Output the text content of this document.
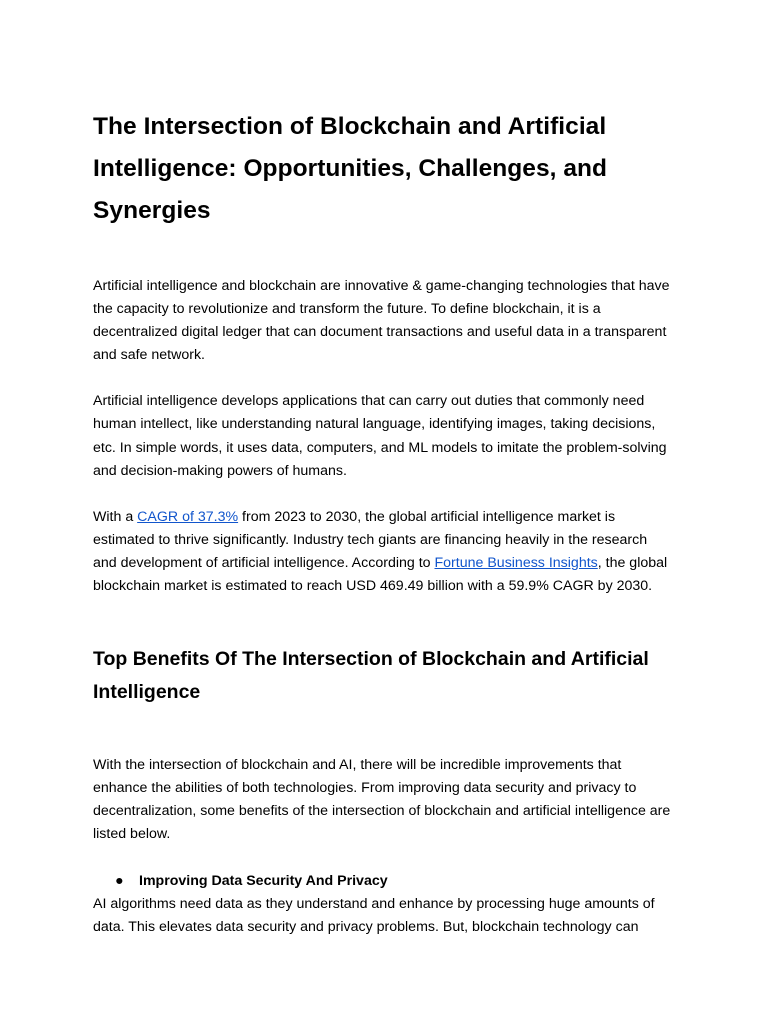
The Intersection of Blockchain and Artificial Intelligence: Opportunities, Challenges, and Synergies

Artificial intelligence and blockchain are innovative & game-changing technologies that have the capacity to revolutionize and transform the future. To define blockchain, it is a decentralized digital ledger that can document transactions and useful data in a transparent and safe network.

Artificial intelligence develops applications that can carry out duties that commonly need human intellect, like understanding natural language, identifying images, taking decisions, etc. In simple words, it uses data, computers, and ML models to imitate the problem-solving and decision-making powers of humans.

With a CAGR of 37.3% from 2023 to 2030, the global artificial intelligence market is estimated to thrive significantly. Industry tech giants are financing heavily in the research and development of artificial intelligence. According to Fortune Business Insights, the global blockchain market is estimated to reach USD 469.49 billion with a 59.9% CAGR by 2030.

Top Benefits Of The Intersection of Blockchain and Artificial Intelligence

With the intersection of blockchain and AI, there will be incredible improvements that enhance the abilities of both technologies. From improving data security and privacy to decentralization, some benefits of the intersection of blockchain and artificial intelligence are listed below.

●	Improving Data Security And Privacy

AI algorithms need data as they understand and enhance by processing huge amounts of data. This elevates data security and privacy problems. But, blockchain technology can
